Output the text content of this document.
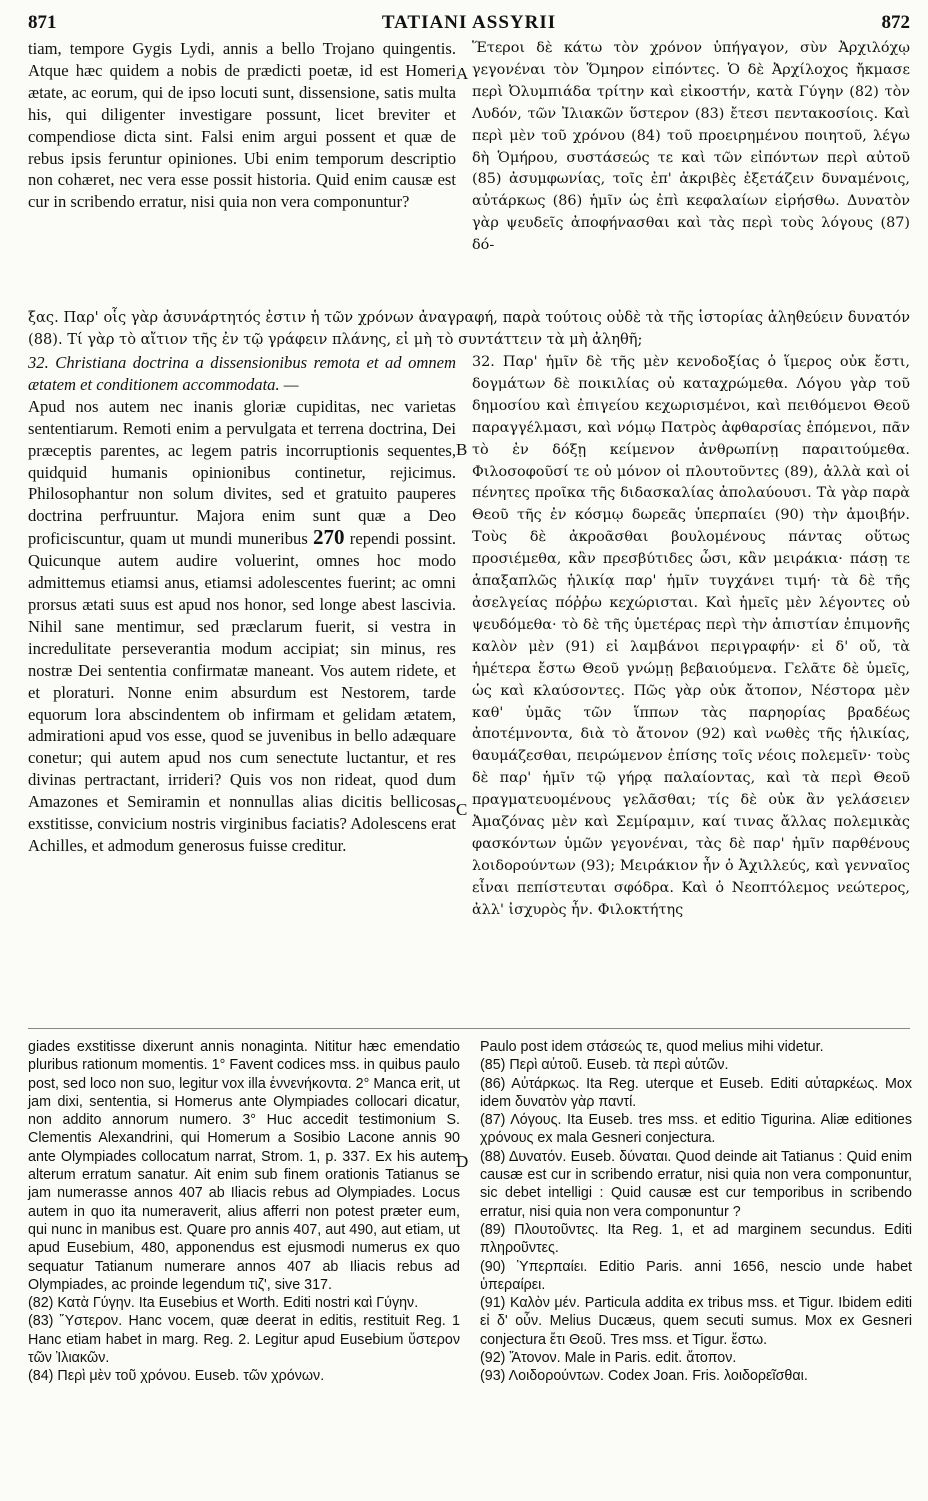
871	TATIANI ASSYRII	872

tiam, tempore Gygis Lydi, annis a bello Trojano quingentis. Atque hæc quidem a nobis de prædicti poetæ, id est Homeri ætate, ac eorum, qui de ipso locuti sunt, dissensione, satis multa his, qui diligenter investigare possunt, licet breviter et compendiose dicta sint. Falsi enim argui possent et quæ de rebus ipsis feruntur opiniones. Ubi enim temporum descriptio non cohæret, nec vera esse possit historia. Quid enim causæ est cur in scribendo erratur, nisi quia non vera componuntur?

A

Ἕτεροι δὲ κάτω τὸν χρόνον ὑπήγαγον, σὺν Ἀρχιλόχῳ γεγονέναι τὸν Ὅμηρον εἰπόντες. Ὁ δὲ Ἀρχίλοχος ἤκμασε περὶ Ὀλυμπιάδα τρίτην καὶ εἰκοστήν, κατὰ Γύγην (82) τὸν Λυδόν, τῶν Ἰλιακῶν ὕστερον (83) ἔτεσι πεντακοσίοις. Καὶ περὶ μὲν τοῦ χρόνου (84) τοῦ προειρημένου ποιητοῦ, λέγω δὴ Ὁμήρου, συστάσεώς τε καὶ τῶν εἰπόντων περὶ αὐτοῦ (85) ἀσυμφωνίας, τοῖς ἐπ' ἀκριβὲς ἐξετάζειν δυναμένοις, αὐτάρκως (86) ἡμῖν ὡς ἐπὶ κεφαλαίων εἰρήσθω. Δυνατὸν γὰρ ψευδεῖς ἀποφήνασθαι καὶ τὰς περὶ τοὺς λόγους (87) δό-

ξας. Παρ' οἷς γὰρ ἀσυνάρτητός ἐστιν ἡ τῶν χρόνων ἀναγραφή, παρὰ τούτοις οὐδὲ τὰ τῆς ἱστορίας ἀληθεύειν δυνατόν (88). Τί γὰρ τὸ αἴτιον τῆς ἐν τῷ γράφειν πλάνης, εἰ μὴ τὸ συντάττειν τὰ μὴ ἀληθῆ;

32. Christiana doctrina a dissensionibus remota et ad omnem ætatem et conditionem accommodata. —

Apud nos autem nec inanis gloriæ cupiditas, nec varietas sententiarum. Remoti enim a pervulgata et terrena doctrina, Dei præceptis parentes, ac legem patris incorruptionis sequentes, quidquid humanis opinionibus continetur, rejicimus. Philosophantur non solum divites, sed et gratuito pauperes doctrina perfruuntur. Majora enim sunt quæ a Deo proficiscuntur, quam ut mundi muneribus 270 rependi possint. Quicunque autem audire voluerint, omnes hoc modo admittemus etiamsi anus, etiamsi adolescentes fuerint; ac omni prorsus ætati suus est apud nos honor, sed longe abest lascivia. Nihil sane mentimur, sed præclarum fuerit, si vestra in incredulitate perseverantia modum accipiat; sin minus, res nostræ Dei sententia confirmatæ maneant. Vos autem ridete, et et ploraturi. Nonne enim absurdum est Nestorem, tarde equorum lora abscindentem ob infirmam et gelidam ætatem, admirationi apud vos esse, quod se juvenibus in bello adæquare conetur; qui autem apud nos cum senectute luctantur, et res divinas pertractant, irrideri? Quis vos non rideat, quod dum Amazones et Semiramin et nonnullas alias dicitis bellicosas exstitisse, convicium nostris virginibus faciatis? Adolescens erat Achilles, et admodum generosus fuisse creditur.

B
C

32. Παρ' ἡμῖν δὲ τῆς μὲν κενοδοξίας ὁ ἵμερος οὐκ ἔστι, δογμάτων δὲ ποικιλίας οὐ καταχρώμεθα. Λόγου γὰρ τοῦ δημοσίου καὶ ἐπιγείου κεχωρισμένοι, καὶ πειθόμενοι Θεοῦ παραγγέλμασι, καὶ νόμῳ Πατρὸς ἀφθαρσίας ἑπόμενοι, πᾶν τὸ ἐν δόξῃ κείμενον ἀνθρωπίνῃ παραιτούμεθα. Φιλοσοφοῦσί τε οὐ μόνον οἱ πλουτοῦντες (89), ἀλλὰ καὶ οἱ πένητες προῖκα τῆς διδασκαλίας ἀπολαύουσι. Τὰ γὰρ παρὰ Θεοῦ τῆς ἐν κόσμῳ δωρεᾶς ὑπερπαίει (90) τὴν ἀμοιβήν. Τοὺς δὲ ἀκροᾶσθαι βουλομένους πάντας οὕτως προσιέμεθα, κἂν πρεσβύτιδες ὦσι, κἂν μειράκια· πάσῃ τε ἁπαξαπλῶς ἡλικίᾳ παρ' ἡμῖν τυγχάνει τιμή· τὰ δὲ τῆς ἀσελγείας πόῤῥω κεχώρισται. Καὶ ἡμεῖς μὲν λέγοντες οὐ ψευδόμεθα· τὸ δὲ τῆς ὑμετέρας περὶ τὴν ἀπιστίαν ἐπιμονῆς καλὸν μὲν (91) εἰ λαμβάνοι περιγραφήν· εἰ δ' οὔ, τὰ ἡμέτερα ἔστω Θεοῦ γνώμῃ βεβαιούμενα. Γελᾶτε δὲ ὑμεῖς, ὡς καὶ κλαύσοντες. Πῶς γὰρ οὐκ ἄτοπον, Νέστορα μὲν καθ' ὑμᾶς τῶν ἵππων τὰς παρηορίας βραδέως ἀποτέμνοντα, διὰ τὸ ἄτονον (92) καὶ νωθὲς τῆς ἡλικίας, θαυμάζεσθαι, πειρώμενον ἐπίσης τοῖς νέοις πολεμεῖν· τοὺς δὲ παρ' ἡμῖν τῷ γήρᾳ παλαίοντας, καὶ τὰ περὶ Θεοῦ πραγματευομένους γελᾶσθαι; τίς δὲ οὐκ ἂν γελάσειεν Ἀμαζόνας μὲν καὶ Σεμίραμιν, καί τινας ἄλλας πολεμικὰς φασκόντων ὑμῶν γεγονέναι, τὰς δὲ παρ' ἡμῖν παρθένους λοιδορούντων (93); Μειράκιον ἦν ὁ Ἀχιλλεύς, καὶ γενναῖος εἶναι πεπίστευται σφόδρα. Καὶ ὁ Νεοπτόλεμος νεώτερος, ἀλλ' ἰσχυρὸς ἦν. Φιλοκτήτης

giades exstitisse dixerunt annis nonaginta. Nititur hæc emendatio pluribus rationum momentis. 1° Favent codices mss. in quibus paulo post, sed loco non suo, legitur vox illa ἐννενήκοντα. 2° Manca erit, ut jam dixi, sententia, si Homerus ante Olympiades collocari dicatur, non addito annorum numero. 3° Huc accedit testimonium S. Clementis Alexandrini, qui Homerum a Sosibio Lacone annis 90 ante Olympiades collocatum narrat, Strom. 1, p. 337. Ex his autem alterum erratum sanatur. Ait enim sub finem orationis Tatianus se jam numerasse annos 407 ab Iliacis rebus ad Olympiades. Locus autem in quo ita numeraverit, alius afferri non potest præter eum, qui nunc in manibus est. Quare pro annis 407, aut 490, aut etiam, ut apud Eusebium, 480, apponendus est ejusmodi numerus ex quo sequatur Tatianum numerare annos 407 ab Iliacis rebus ad Olympiades, ac proinde legendum τιζ', sive 317.

(82) Κατὰ Γύγην. Ita Eusebius et Worth. Editi nostri καὶ Γύγην.

(83) Ὕστερον. Hanc vocem, quæ deerat in editis, restituit Reg. 1 Hanc etiam habet in marg. Reg. 2. Legitur apud Eusebium ὕστερον τῶν Ἰλιακῶν.

(84) Περὶ μὲν τοῦ χρόνου. Euseb. τῶν χρόνων.

D

Paulo post idem στάσεώς τε, quod melius mihi videtur.

(85) Περὶ αὐτοῦ. Euseb. τὰ περὶ αὐτῶν.

(86) Αὐτάρκως. Ita Reg. uterque et Euseb. Editi αὐταρκέως. Mox idem δυνατὸν γὰρ παντί.

(87) Λόγους. Ita Euseb. tres mss. et editio Tigurina. Aliæ editiones χρόνους ex mala Gesneri conjectura.

(88) Δυνατόν. Euseb. δύναται. Quod deinde ait Tatianus : Quid enim causæ est cur in scribendo erratur, nisi quia non vera componuntur, sic debet intelligi : Quid causæ est cur temporibus in scribendo erratur, nisi quia non vera componuntur ?

(89) Πλουτοῦντες. Ita Reg. 1, et ad marginem secundus. Editi πληροῦντες.

(90) Ὑπερπαίει. Editio Paris. anni 1656, nescio unde habet ὑπεραίρει.

(91) Καλὸν μέν. Particula addita ex tribus mss. et Tigur. Ibidem editi εἰ δ' οὖν. Melius Ducæus, quem secuti sumus. Mox ex Gesneri conjectura ἔτι Θεοῦ. Tres mss. et Tigur. ἔστω.

(92) Ἄτονον. Male in Paris. edit. ἄτοπον.

(93) Λοιδορούντων. Codex Joan. Fris. λοιδορεῖσθαι.
